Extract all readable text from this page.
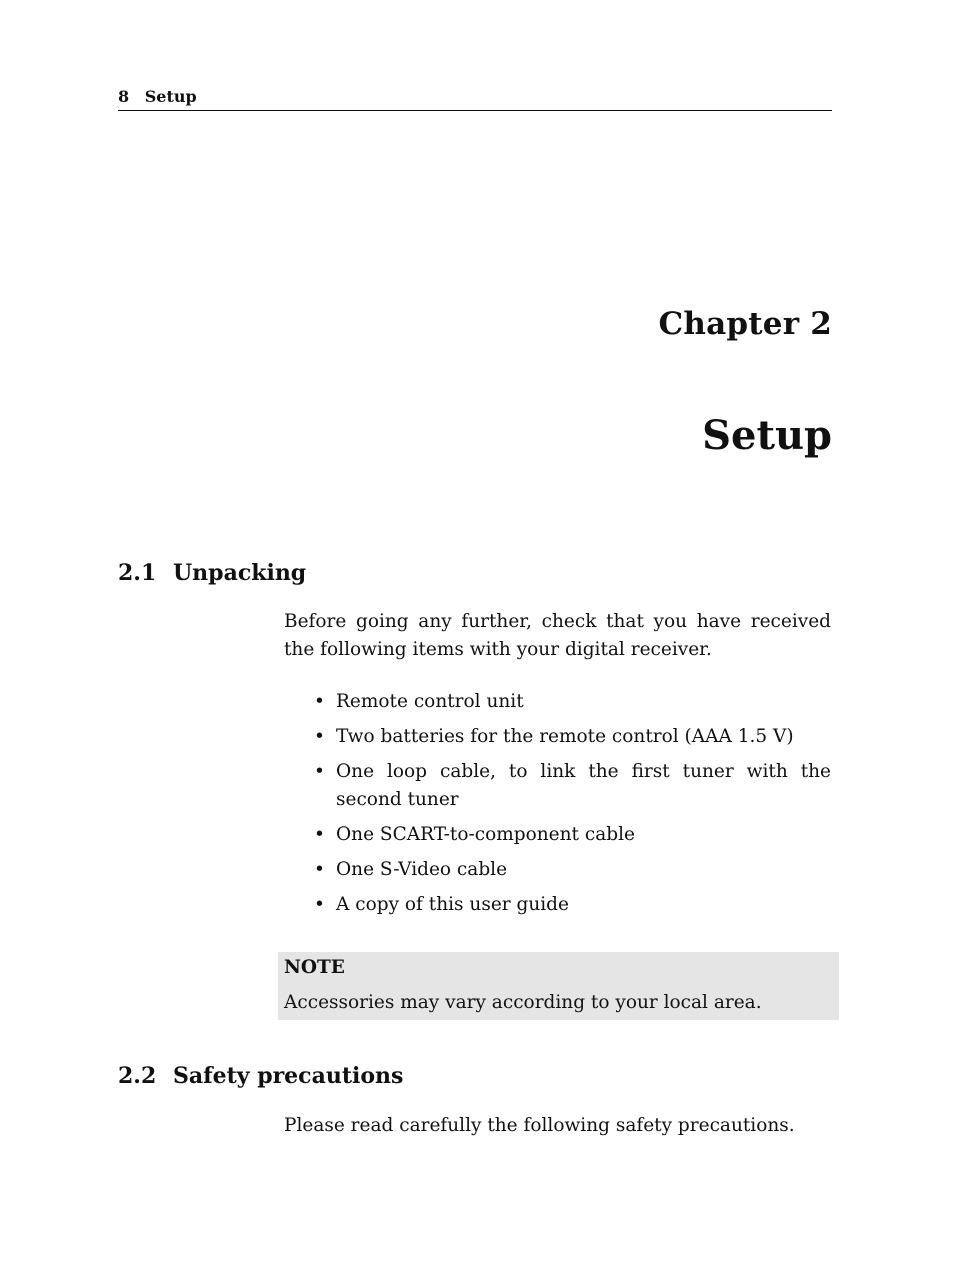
8 Setup
Chapter 2
Setup
2.1 Unpacking

Before going any further, check that you have received the following items with your digital receiver.

• Remote control unit
• Two batteries for the remote control (AAA 1.5 V)
• One loop cable, to link the first tuner with the second tuner
• One SCART-to-component cable
• One S-Video cable
• A copy of this user guide
NOTE
Accessories may vary according to your local area.
2.2 Safety precautions

Please read carefully the following safety precautions.
